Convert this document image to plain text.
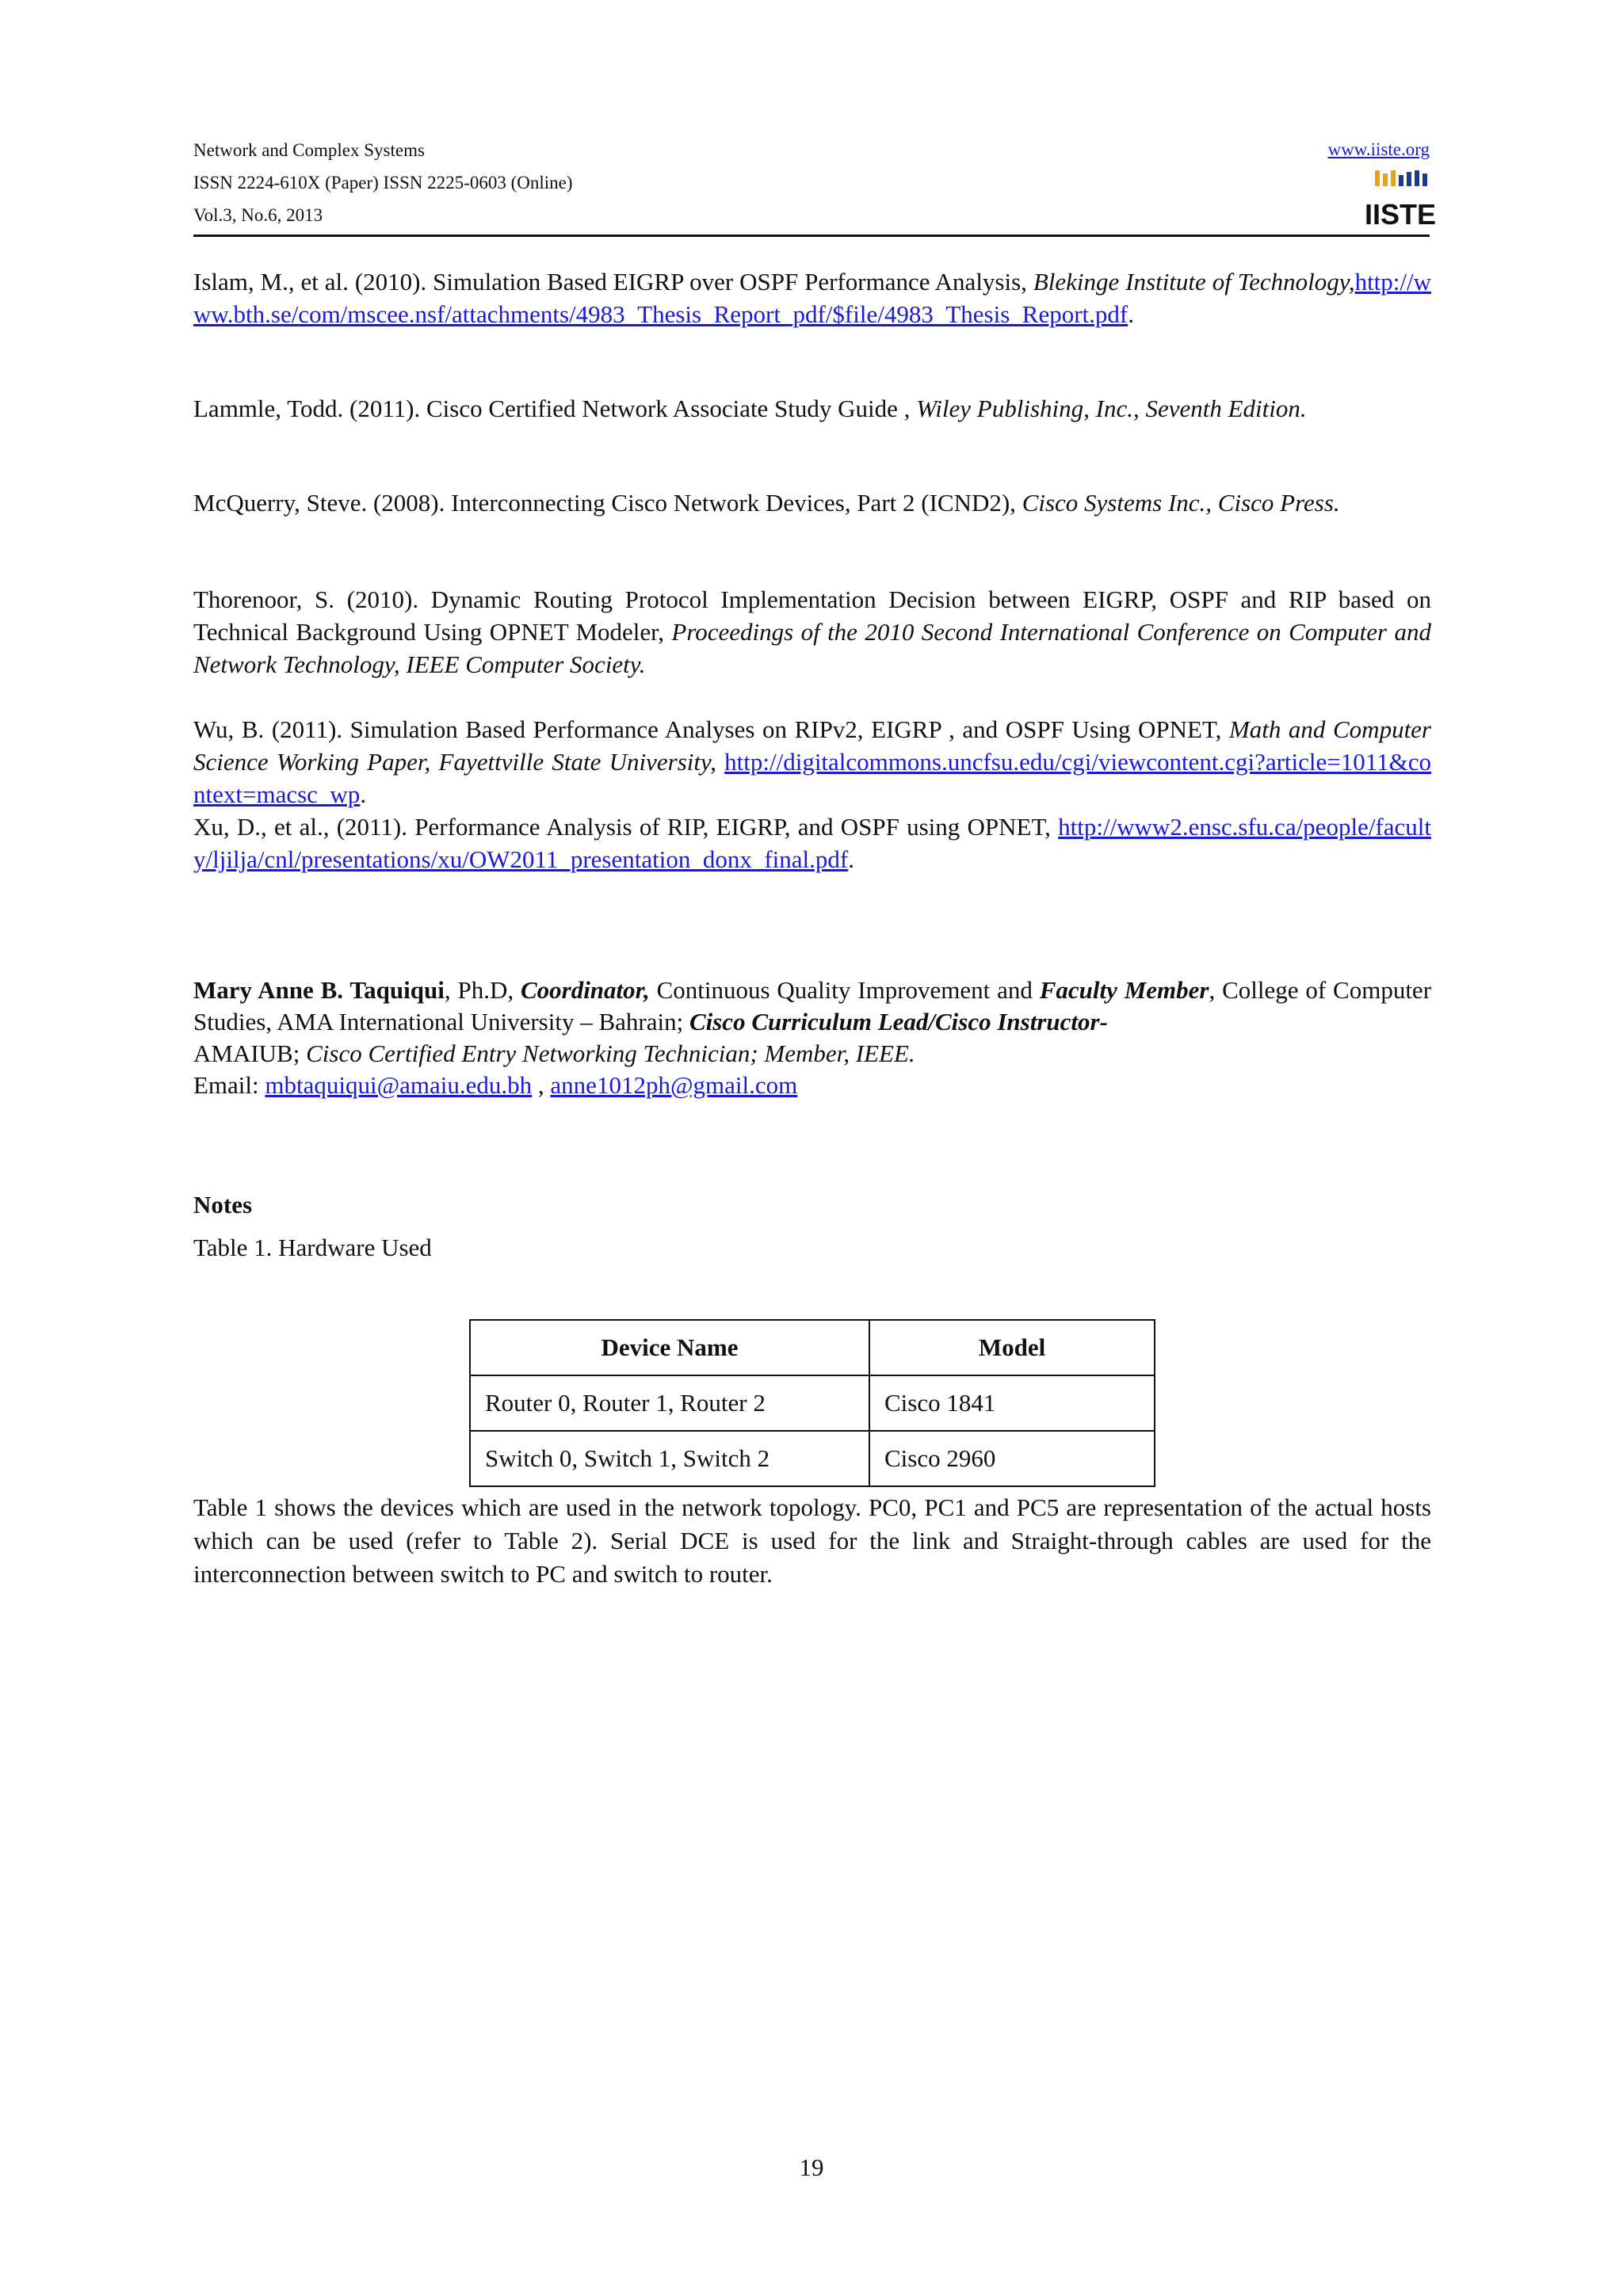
Network and Complex Systems
ISSN 2224-610X (Paper) ISSN 2225-0603 (Online)
Vol.3, No.6, 2013
www.iiste.org
IISTE
Islam, M., et al. (2010). Simulation Based EIGRP over OSPF Performance Analysis, Blekinge Institute of Technology,http://www.bth.se/com/mscee.nsf/attachments/4983_Thesis_Report_pdf/$file/4983_Thesis_Report.pdf.
Lammle, Todd. (2011). Cisco Certified Network Associate Study Guide , Wiley Publishing, Inc., Seventh Edition.
McQuerry, Steve. (2008). Interconnecting Cisco Network Devices, Part 2 (ICND2), Cisco Systems Inc., Cisco Press.
Thorenoor, S. (2010). Dynamic Routing Protocol Implementation Decision between EIGRP, OSPF and RIP based on Technical Background Using OPNET Modeler, Proceedings of the 2010 Second International Conference on Computer and Network Technology, IEEE Computer Society.
Wu, B. (2011). Simulation Based Performance Analyses on RIPv2, EIGRP , and OSPF Using OPNET, Math and Computer Science Working Paper, Fayettville State University, http://digitalcommons.uncfsu.edu/cgi/viewcontent.cgi?article=1011&context=macsc_wp.
Xu, D., et al., (2011). Performance Analysis of RIP, EIGRP, and OSPF using OPNET, http://www2.ensc.sfu.ca/people/faculty/ljilja/cnl/presentations/xu/OW2011_presentation_donx_final.pdf.
Mary Anne B. Taquiqui, Ph.D, Coordinator, Continuous Quality Improvement and Faculty Member, College of Computer Studies, AMA International University – Bahrain; Cisco Curriculum Lead/Cisco Instructor-
AMAIUB; Cisco Certified Entry Networking Technician; Member, IEEE.
Email: mbtaquiqui@amaiu.edu.bh , anne1012ph@gmail.com
Notes
Table 1. Hardware Used
Device Name	Model
Router 0, Router 1, Router 2	Cisco 1841
Switch 0, Switch 1, Switch 2	Cisco 2960
Table 1 shows the devices which are used in the network topology. PC0, PC1 and PC5 are representation of the actual hosts which can be used (refer to Table 2). Serial DCE is used for the link and Straight-through cables are used for the interconnection between switch to PC and switch to router.
19
